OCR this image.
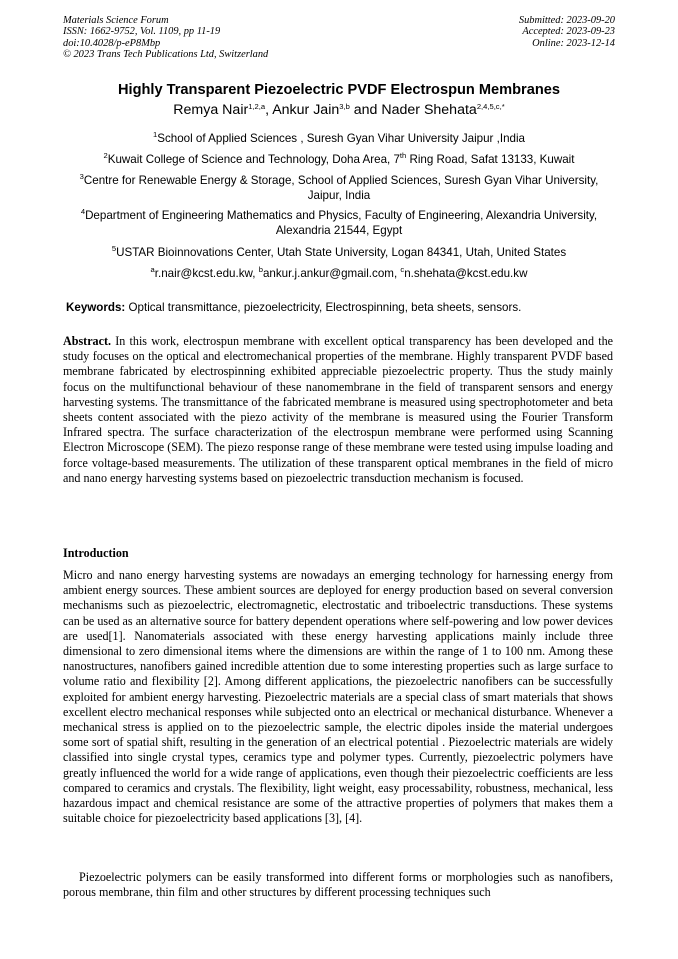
Materials Science Forum
ISSN: 1662-9752, Vol. 1109, pp 11-19
doi:10.4028/p-eP8Mbp
© 2023 Trans Tech Publications Ltd, Switzerland
Submitted: 2023-09-20
Accepted: 2023-09-23
Online: 2023-12-14
Highly Transparent Piezoelectric PVDF Electrospun Membranes
Remya Nair$^{1,2,a}$, Ankur Jain$^{3,b}$ and Nader Shehata$^{2,4,5,c,*}$
$^1$School of Applied Sciences , Suresh Gyan Vihar University Jaipur ,India
$^2$Kuwait College of Science and Technology, Doha Area, 7th Ring Road, Safat 13133, Kuwait
$^3$Centre for Renewable Energy & Storage, School of Applied Sciences, Suresh Gyan Vihar University, Jaipur, India
$^4$Department of Engineering Mathematics and Physics, Faculty of Engineering, Alexandria University, Alexandria 21544, Egypt
$^5$USTAR Bioinnovations Center, Utah State University, Logan 84341, Utah, United States
$^a$r.nair@kcst.edu.kw, $^b$ankur.j.ankur@gmail.com, $^c$n.shehata@kcst.edu.kw
Keywords: Optical transmittance, piezoelectricity, Electrospinning, beta sheets, sensors.
Abstract. In this work, electrospun membrane with excellent optical transparency has been developed and the study focuses on the optical and electromechanical properties of the membrane. Highly transparent PVDF based membrane fabricated by electrospinning exhibited appreciable piezoelectric property. Thus the study mainly focus on the multifunctional behaviour of these nanomembrane in the field of transparent sensors and energy harvesting systems. The transmittance of the fabricated membrane is measured using spectrophotometer and beta sheets content associated with the piezo activity of the membrane is measured using the Fourier Transform Infrared spectra. The surface characterization of the electrospun membrane were performed using Scanning Electron Microscope (SEM). The piezo response range of these membrane were tested using impulse loading and force voltage-based measurements. The utilization of these transparent optical membranes in the field of micro and nano energy harvesting systems based on piezoelectric transduction mechanism is focused.
Introduction
Micro and nano energy harvesting systems are nowadays an emerging technology for harnessing energy from ambient energy sources. These ambient sources are deployed for energy production based on several conversion mechanisms such as piezoelectric, electromagnetic, electrostatic and triboelectric transductions. These systems can be used as an alternative source for battery dependent operations where self-powering and low power devices are used[1]. Nanomaterials associated with these energy harvesting applications mainly include three dimensional to zero dimensional items where the dimensions are within the range of 1 to 100 nm. Among these nanostructures, nanofibers gained incredible attention due to some interesting properties such as large surface to volume ratio and flexibility [2]. Among different applications, the piezoelectric nanofibers can be successfully exploited for ambient energy harvesting. Piezoelectric materials are a special class of smart materials that shows excellent electro mechanical responses while subjected onto an electrical or mechanical disturbance. Whenever a mechanical stress is applied on to the piezoelectric sample, the electric dipoles inside the material undergoes some sort of spatial shift, resulting in the generation of an electrical potential . Piezoelectric materials are widely classified into single crystal types, ceramics type and polymer types. Currently, piezoelectric polymers have greatly influenced the world for a wide range of applications, even though their piezoelectric coefficients are less compared to ceramics and crystals. The flexibility, light weight, easy processability, robustness, mechanical, less hazardous impact and chemical resistance are some of the attractive properties of polymers that makes them a suitable choice for piezoelectricity based applications [3], [4].
Piezoelectric polymers can be easily transformed into different forms or morphologies such as nanofibers, porous membrane, thin film and other structures by different processing techniques such
